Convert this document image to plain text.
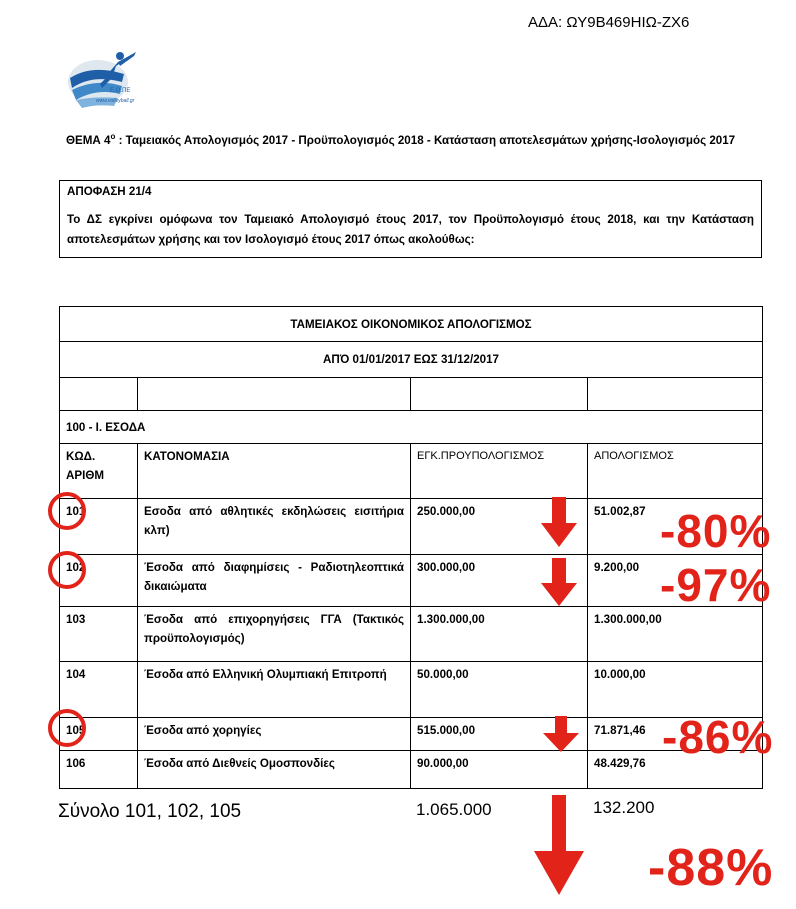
ΑΔΑ: ΩΥ9Β469ΗΙΩ-ΖΧ6
Ε.Ο.ΠΕ
www.volleyball.gr
ΘΕΜΑ $4^o$ : Ταμειακός Απολογισμός 2017 - Προϋπολογισμός 2018 - Κατάσταση αποτελεσμάτων χρήσης-Ισολογισμός 2017
ΑΠΟΦΑΣΗ 21/4
Το ΔΣ εγκρίνει ομόφωνα τον Ταμειακό Απολογισμό έτους 2017, τον Προϋπολογισμό έτους 2018, και την Κατάσταση αποτελεσμάτων χρήσης και τον Ισολογισμό έτους 2017 όπως ακολούθως:
ΤΑΜΕΙΑΚΟΣ ΟΙΚΟΝΟΜΙΚΟΣ ΑΠΟΛΟΓΙΣΜΟΣ			
ΑΠΌ 01/01/2017 ΕΩΣ 31/12/2017			

100 - Ι. ΕΣΟΔΑ			
ΚΩΔ. ΑΡΙΘΜ	ΚΑΤΟΝΟΜΑΣΙΑ	ΕΓΚ.ΠΡΟΥΠΟΛΟΓΙΣΜΟΣ	ΑΠΟΛΟΓΙΣΜΟΣ
101	Εσοδα από αθλητικές εκδηλώσεις εισιτήρια κλπ)	250.000,00	51.002,87
102	Έσοδα από διαφημίσεις - Ραδιοτηλεοπτικά δικαιώματα	300.000,00	9.200,00
103	Έσοδα από επιχορηγήσεις ΓΓΑ (Τακτικός προϋπολογισμός)	1.300.000,00	1.300.000,00
104	Έσοδα από Ελληνική Ολυμπιακή Επιτροπή	50.000,00	10.000,00
105	Έσοδα από χορηγίες	515.000,00	71.871,46
106	Έσοδα από Διεθνείς Ομοσπονδίες	90.000,00	48.429,76
Σύνολο 101, 102, 105	1.065.000	132.200
-80%
-97%
-86%
-88%
